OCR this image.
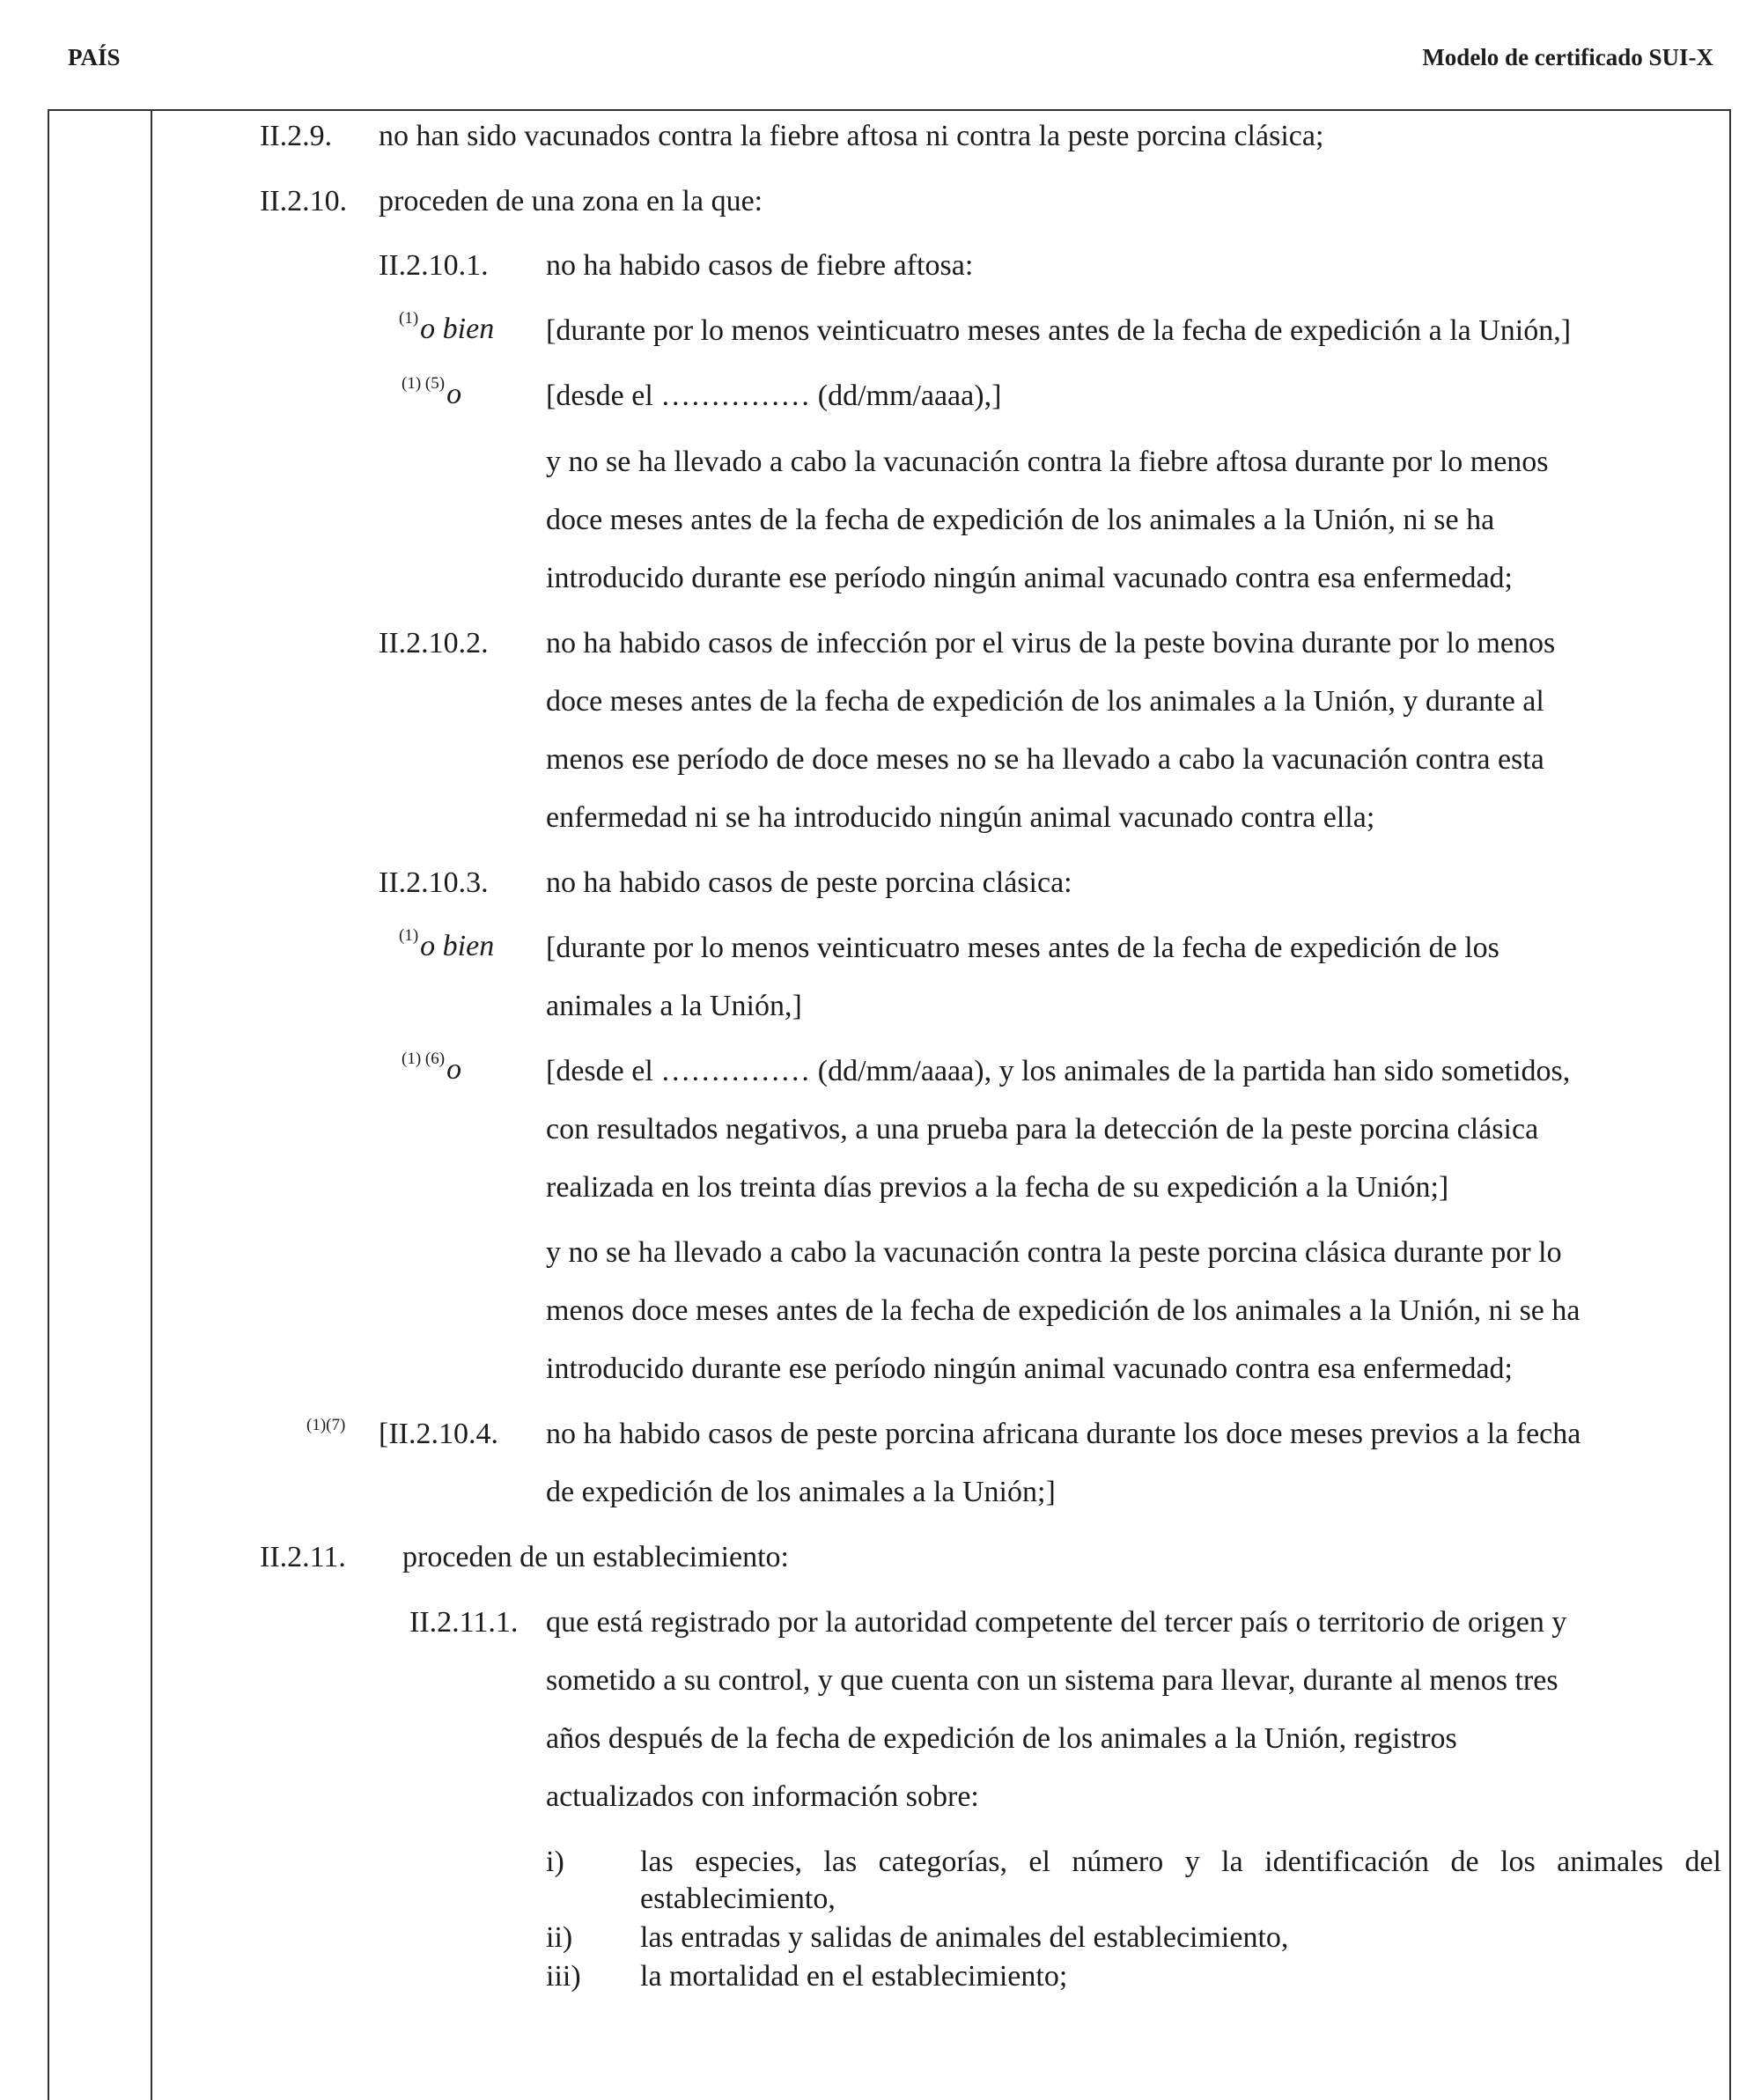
PAÍS	Modelo de certificado SUI-X
II.2.9. no han sido vacunados contra la fiebre aftosa ni contra la peste porcina clásica;
II.2.10. proceden de una zona en la que:
II.2.10.1. no ha habido casos de fiebre aftosa:
$^{(1)}$o bien [durante por lo menos veinticuatro meses antes de la fecha de expedición a la Unión,]
$^{(1) (5)}$o	[desde el …………… (dd/mm/aaaa),]
y no se ha llevado a cabo la vacunación contra la fiebre aftosa durante por lo menos
doce meses antes de la fecha de expedición de los animales a la Unión, ni se ha
introducido durante ese período ningún animal vacunado contra esa enfermedad;
II.2.10.2. no ha habido casos de infección por el virus de la peste bovina durante por lo menos
doce meses antes de la fecha de expedición de los animales a la Unión, y durante al
menos ese período de doce meses no se ha llevado a cabo la vacunación contra esta
enfermedad ni se ha introducido ningún animal vacunado contra ella;
II.2.10.3. no ha habido casos de peste porcina clásica:
$^{(1)}$o bien [durante por lo menos veinticuatro meses antes de la fecha de expedición de los
animales a la Unión,]
$^{(1) (6)}$o	[desde el …………… (dd/mm/aaaa), y los animales de la partida han sido sometidos,
con resultados negativos, a una prueba para la detección de la peste porcina clásica
realizada en los treinta días previos a la fecha de su expedición a la Unión;]
y no se ha llevado a cabo la vacunación contra la peste porcina clásica durante por lo
menos doce meses antes de la fecha de expedición de los animales a la Unión, ni se ha
introducido durante ese período ningún animal vacunado contra esa enfermedad;
(1)(7) [II.2.10.4. no ha habido casos de peste porcina africana durante los doce meses previos a la fecha
de expedición de los animales a la Unión;]
II.2.11. proceden de un establecimiento:
II.2.11.1. que está registrado por la autoridad competente del tercer país o territorio de origen y
sometido a su control, y que cuenta con un sistema para llevar, durante al menos tres
años después de la fecha de expedición de los animales a la Unión, registros
actualizados con información sobre:
i)	las especies, las categorías, el número y la identificación de los animales del
establecimiento,
ii) las entradas y salidas de animales del establecimiento,
iii) la mortalidad en el establecimiento;
